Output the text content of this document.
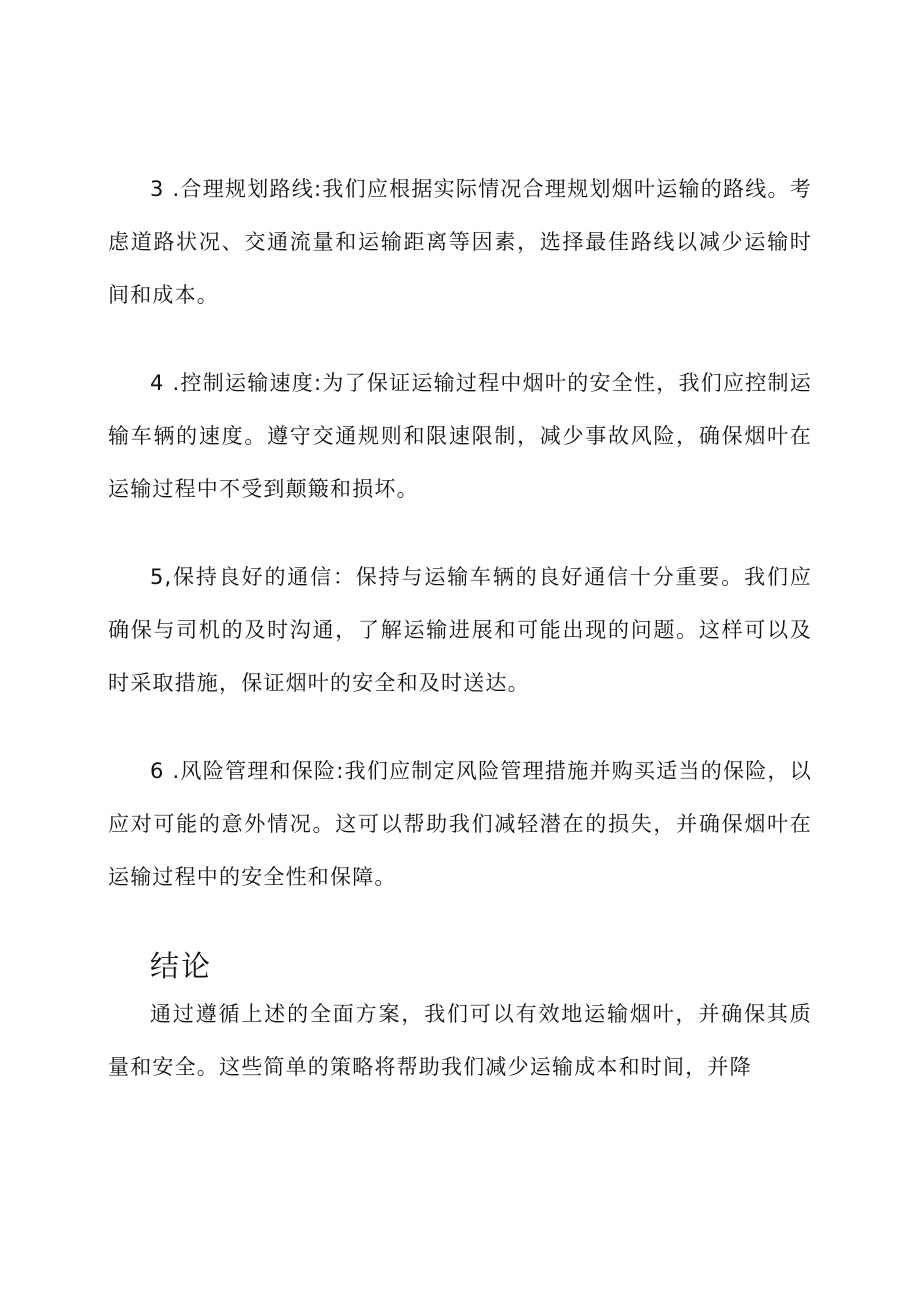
3 .合理规划路线:我们应根据实际情况合理规划烟叶运输的路线。考虑道路状况、交通流量和运输距离等因素，选择最佳路线以减少运输时间和成本。

4 .控制运输速度:为了保证运输过程中烟叶的安全性，我们应控制运输车辆的速度。遵守交通规则和限速限制，减少事故风险，确保烟叶在运输过程中不受到颠簸和损坏。

5,保持良好的通信：保持与运输车辆的良好通信十分重要。我们应确保与司机的及时沟通，了解运输进展和可能出现的问题。这样可以及时采取措施，保证烟叶的安全和及时送达。

6 .风险管理和保险:我们应制定风险管理措施并购买适当的保险，以应对可能的意外情况。这可以帮助我们减轻潜在的损失，并确保烟叶在运输过程中的安全性和保障。

结论

通过遵循上述的全面方案，我们可以有效地运输烟叶，并确保其质量和安全。这些简单的策略将帮助我们减少运输成本和时间，并降
